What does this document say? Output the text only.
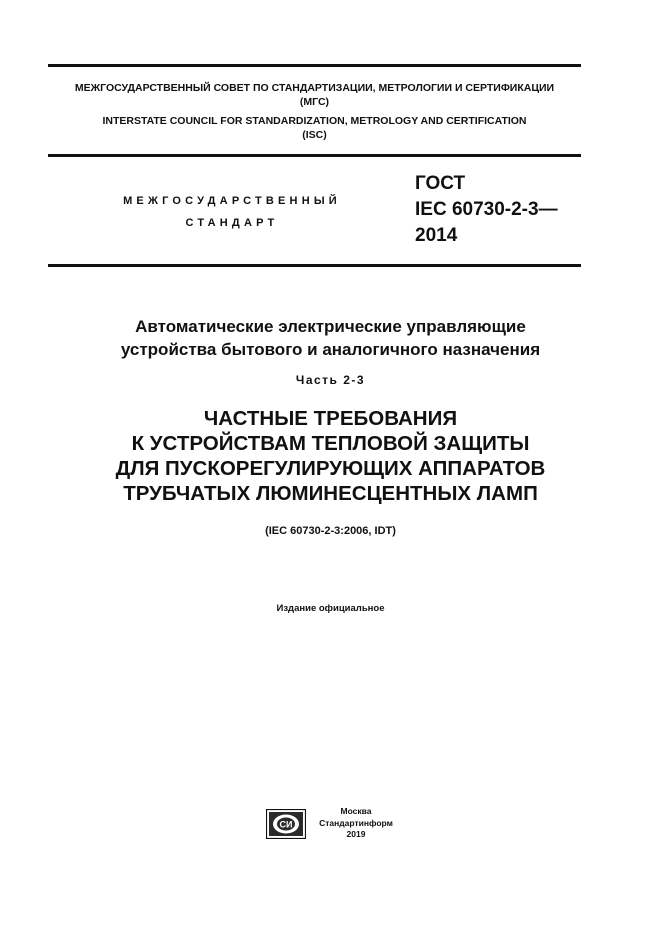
МЕЖГОСУДАРСТВЕННЫЙ СОВЕТ ПО СТАНДАРТИЗАЦИИ, МЕТРОЛОГИИ И СЕРТИФИКАЦИИ
(МГС)
INTERSTATE COUNCIL FOR STANDARDIZATION, METROLOGY AND CERTIFICATION
(ISC)
МЕЖГОСУДАРСТВЕННЫЙ
СТАНДАРТ
ГОСТ
IEC 60730-2-3—
2014
Автоматические электрические управляющие
устройства бытового и аналогичного назначения
Часть 2-3
ЧАСТНЫЕ ТРЕБОВАНИЯ
К УСТРОЙСТВАМ ТЕПЛОВОЙ ЗАЩИТЫ
ДЛЯ ПУСКОРЕГУЛИРУЮЩИХ АППАРАТОВ
ТРУБЧАТЫХ ЛЮМИНЕСЦЕНТНЫХ ЛАМП
(IEC 60730-2-3:2006, IDT)
Издание официальное
СИ
Москва
Стандартинформ
2019
